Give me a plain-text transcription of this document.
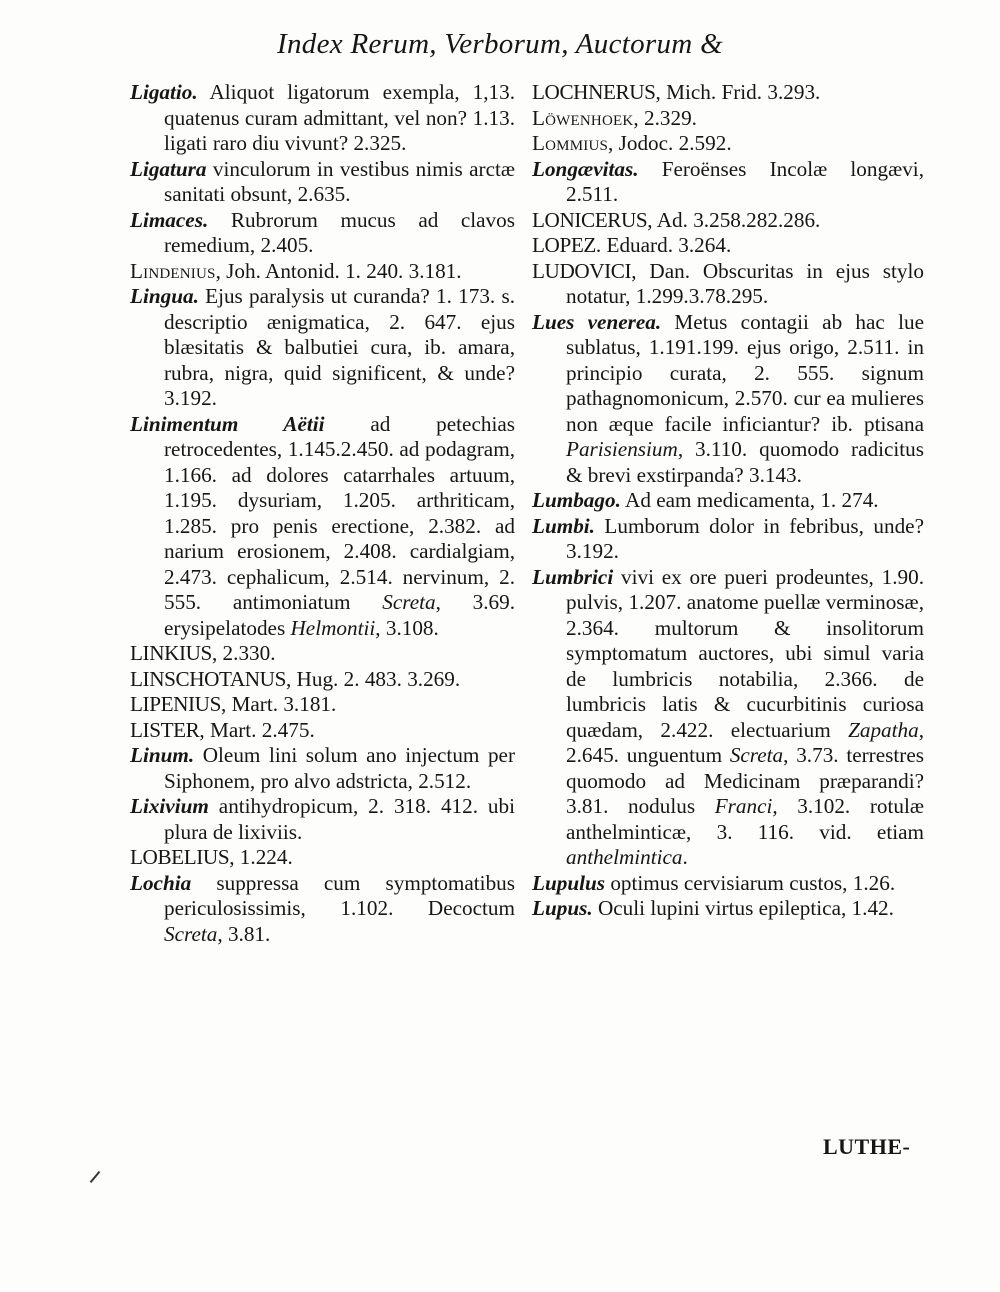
Index Rerum, Verborum, Auctorum &

Ligatio. Aliquot ligatorum exempla, 1,13. quatenus curam admittant, vel non? 1.13. ligati raro diu vivunt? 2.325.

Ligatura vinculorum in vestibus nimis arctæ sanitati obsunt, 2.635.

Limaces. Rubrorum mucus ad clavos remedium, 2.405.

Lindenius, Joh. Antonid. 1. 240. 3.181.

Lingua. Ejus paralysis ut curanda? 1. 173. s. descriptio ænigmatica, 2. 647. ejus blæsitatis & balbutiei cura, ib. amara, rubra, nigra, quid significent, & unde? 3.192.

Linimentum Aëtii ad petechias retrocedentes, 1.145.2.450. ad podagram, 1.166. ad dolores catarrhales artuum, 1.195. dysuriam, 1.205. arthriticam, 1.285. pro penis erectione, 2.382. ad narium erosionem, 2.408. cardialgiam, 2.473. cephalicum, 2.514. nervinum, 2. 555. antimoniatum Screta, 3.69. erysipelatodes Helmontii, 3.108.

LINKIUS, 2.330.

LINSCHOTANUS, Hug. 2. 483. 3.269.

LIPENIUS, Mart. 3.181.

LISTER, Mart. 2.475.

Linum. Oleum lini solum ano injectum per Siphonem, pro alvo adstricta, 2.512.

Lixivium antihydropicum, 2. 318. 412. ubi plura de lixiviis.

LOBELIUS, 1.224.

Lochia suppressa cum symptomatibus periculosissimis, 1.102. Decoctum Screta, 3.81.

LOCHNERUS, Mich. Frid. 3.293.

Löwenhoek, 2.329.

Lommius, Jodoc. 2.592.

Longævitas. Feroënses Incolæ longævi, 2.511.

LONICERUS, Ad. 3.258.282.286.

LOPEZ. Eduard. 3.264.

LUDOVICI, Dan. Obscuritas in ejus stylo notatur, 1.299.3.78.295.

Lues venerea. Metus contagii ab hac lue sublatus, 1.191.199. ejus origo, 2.511. in principio curata, 2. 555. signum pathagnomonicum, 2.570. cur ea mulieres non æque facile inficiantur? ib. ptisana Parisiensium, 3.110. quomodo radicitus & brevi exstirpanda? 3.143.

Lumbago. Ad eam medicamenta, 1. 274.

Lumbi. Lumborum dolor in febribus, unde? 3.192.

Lumbrici vivi ex ore pueri prodeuntes, 1.90. pulvis, 1.207. anatome puellæ verminosæ, 2.364. multorum & insolitorum symptomatum auctores, ubi simul varia de lumbricis notabilia, 2.366. de lumbricis latis & cucurbitinis curiosa quædam, 2.422. electuarium Zapatha, 2.645. unguentum Screta, 3.73. terrestres quomodo ad Medicinam præparandi? 3.81. nodulus Franci, 3.102. rotulæ anthelminticæ, 3. 116. vid. etiam anthelmintica.

Lupulus optimus cervisiarum custos, 1.26.

Lupus. Oculi lupini virtus epileptica, 1.42.

LUTHE-
